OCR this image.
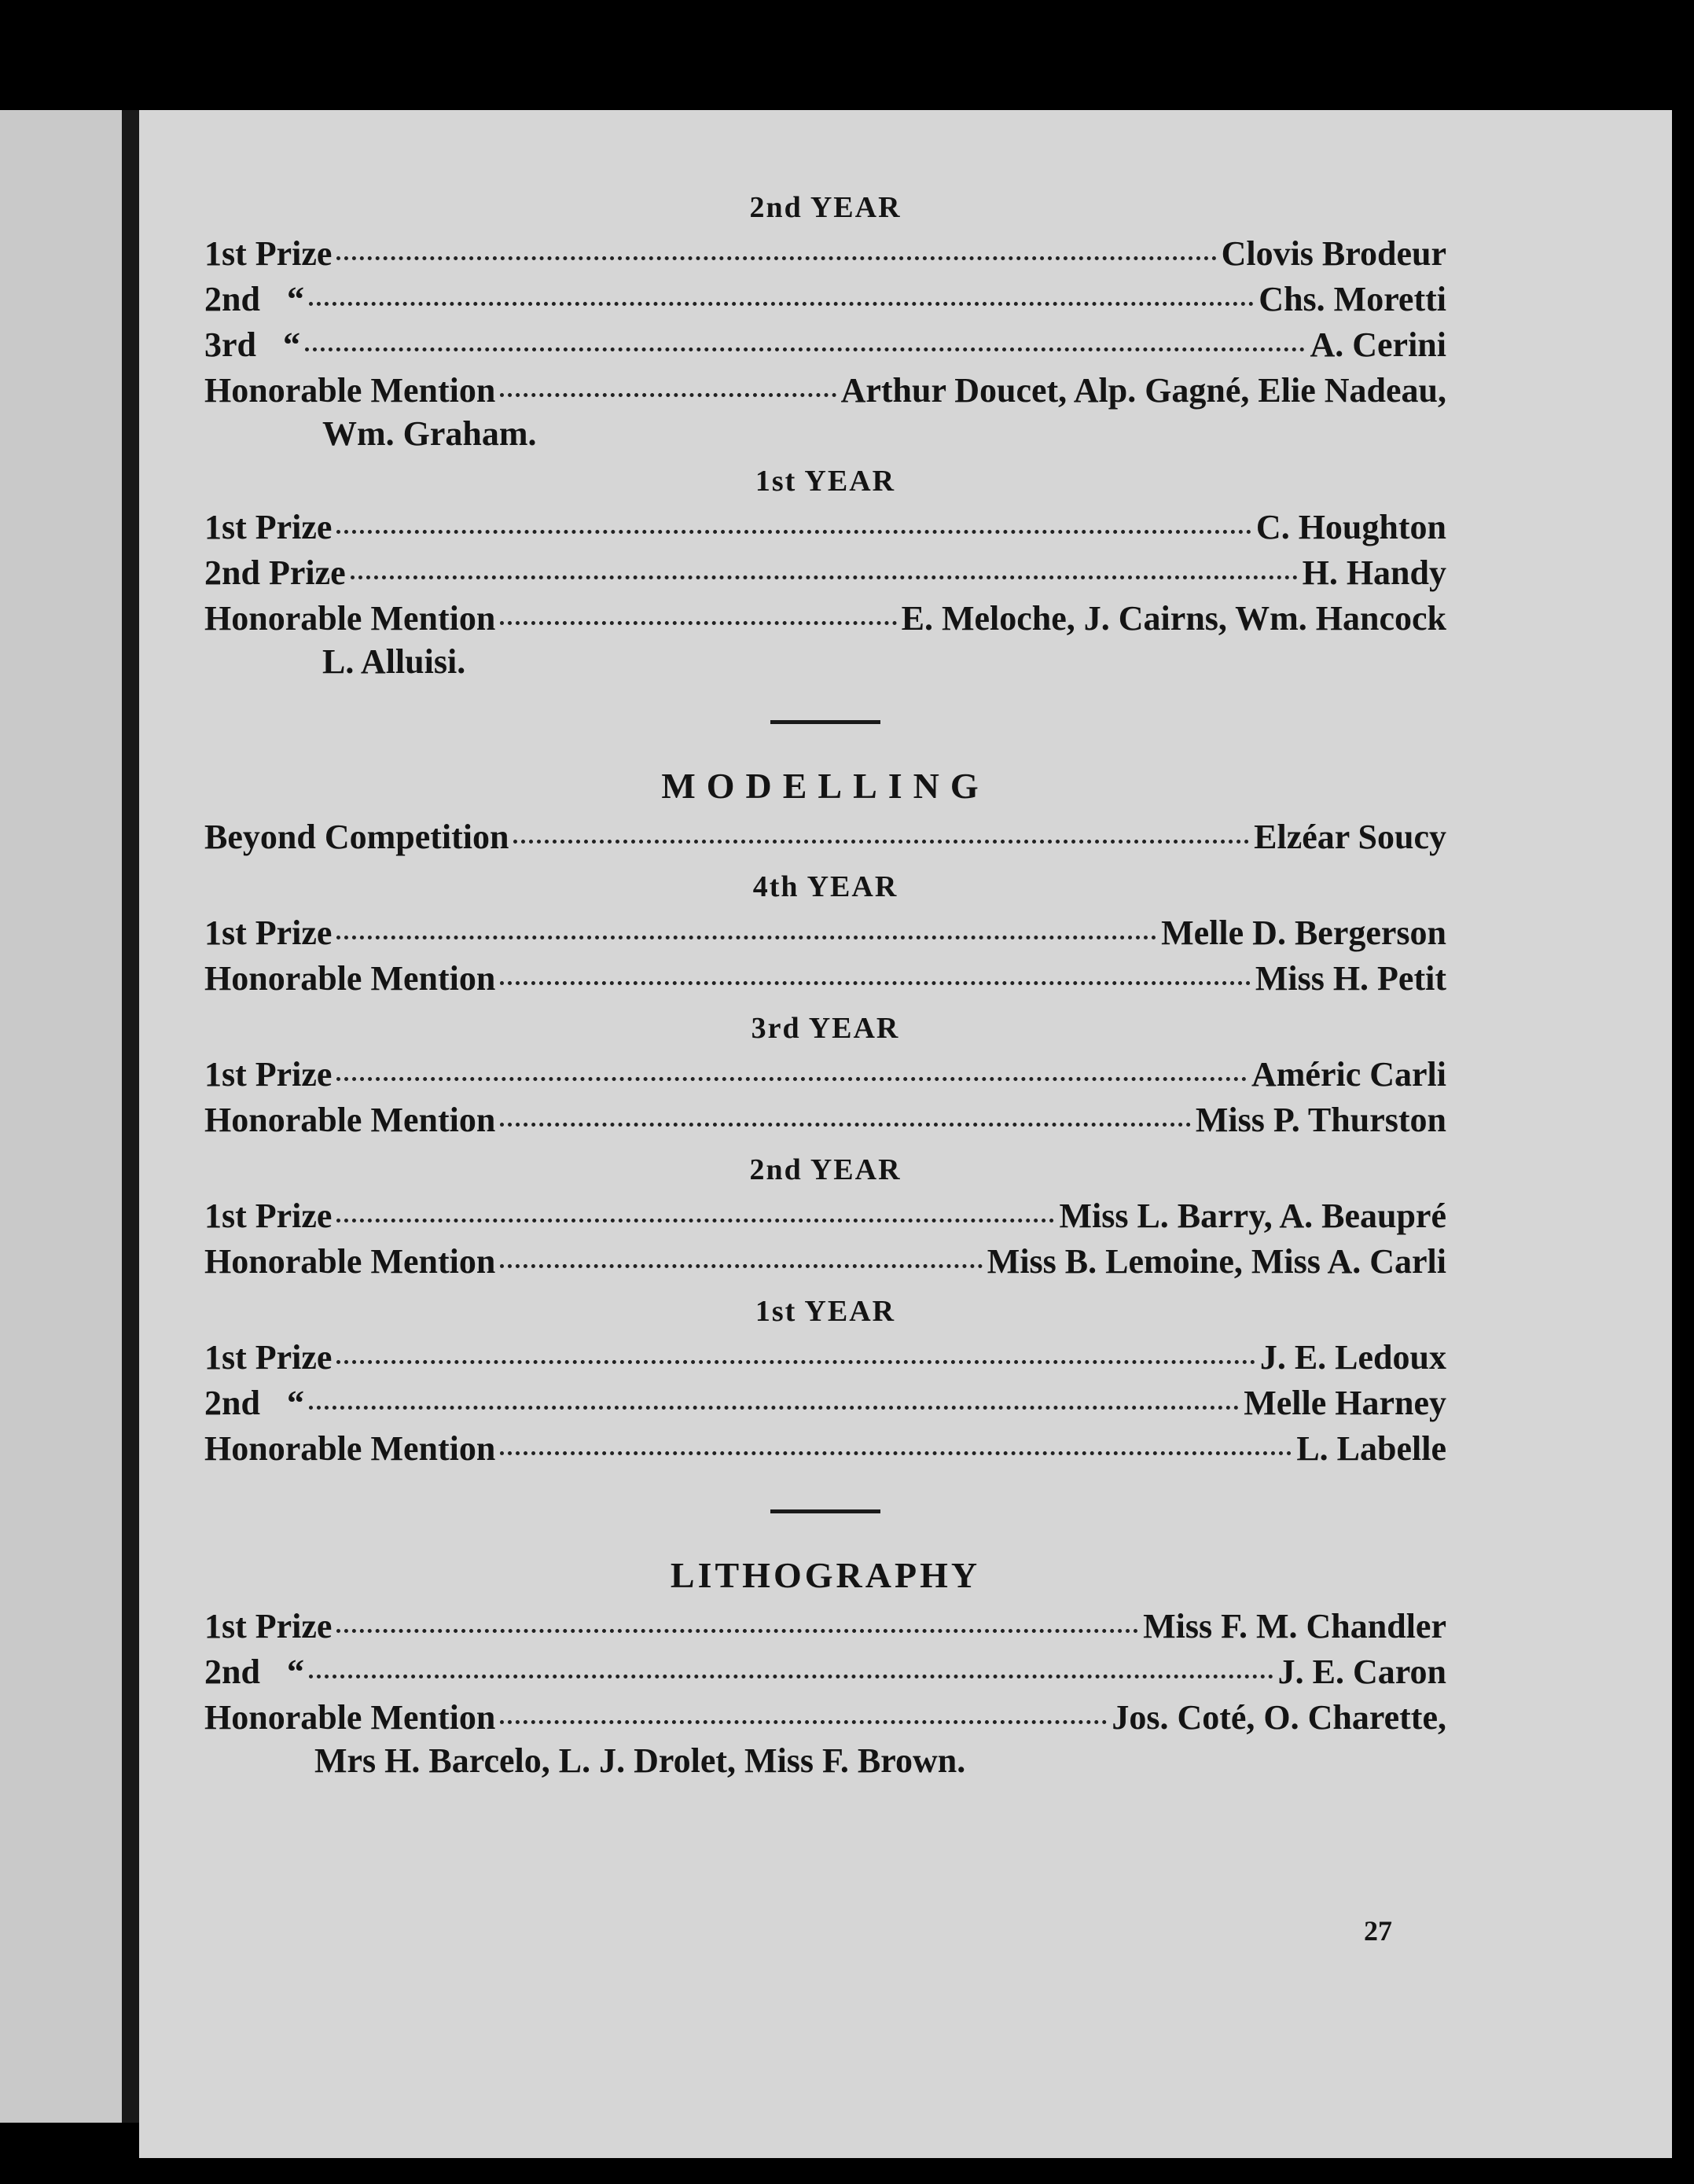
2nd YEAR
1st Prize	Clovis Brodeur
2nd “	Chs. Moretti
3rd “	A. Cerini
Honorable Mention	Arthur Doucet, Alp. Gagné, Elie Nadeau,
Wm. Graham.
1st YEAR
1st Prize	C. Houghton
2nd Prize	H. Handy
Honorable Mention	E. Meloche, J. Cairns, Wm. Hancock
L. Alluisi.
MODELLING
Beyond Competition	Elzéar Soucy
4th YEAR
1st Prize	Melle D. Bergerson
Honorable Mention	Miss H. Petit
3rd YEAR
1st Prize	Améric Carli
Honorable Mention	Miss P. Thurston
2nd YEAR
1st Prize	Miss L. Barry, A. Beaupré
Honorable Mention	Miss B. Lemoine, Miss A. Carli
1st YEAR
1st Prize	J. E. Ledoux
2nd “	Melle Harney
Honorable Mention	L. Labelle
LITHOGRAPHY
1st Prize	Miss F. M. Chandler
2nd “	J. E. Caron
Honorable Mention	Jos. Coté, O. Charette,
Mrs H. Barcelo, L. J. Drolet, Miss F. Brown.
27
